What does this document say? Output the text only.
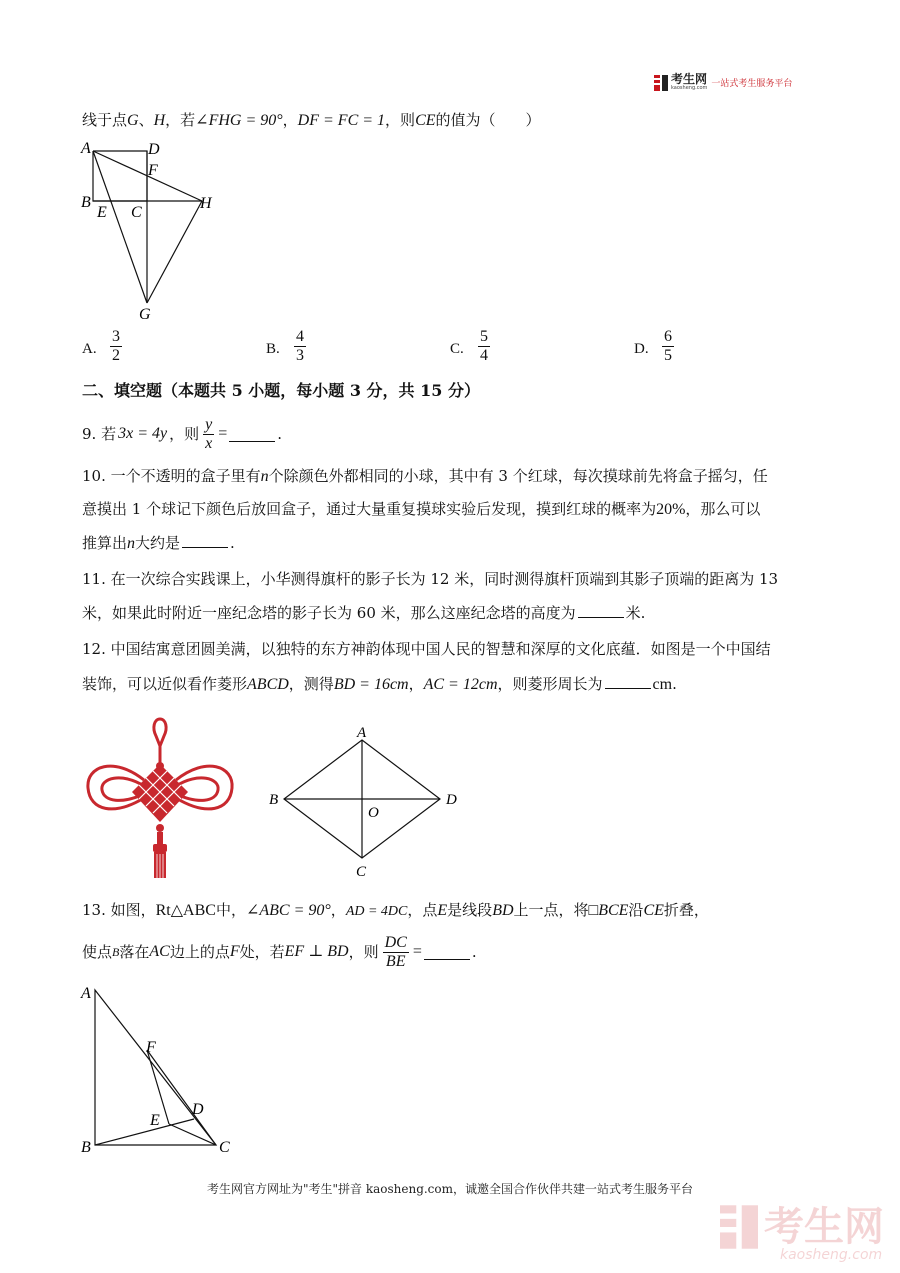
考生网
kaosheng.com 一站式考生服务平台
线于点G、H，若∠FHG = 90°，DF = FC = 1，则CE的值为（　　）
A	D
F
B
E C
H
G
A. $\frac{3}{2}$	B. $\frac{4}{3}$	C. $\frac{5}{4}$	D. $\frac{6}{5}$
二、填空题（本题共 5 小题，每小题 3 分，共 15 分）
9. 若 3x = 4y ，则 $\frac{y}{x}$ =	.
10. 一个不透明的盒子里有n个除颜色外都相同的小球，其中有 3 个红球，每次摸球前先将盒子摇匀，任
意摸出 1 个球记下颜色后放回盒子，通过大量重复摸球实验后发现，摸到红球的概率为20%，那么可以
推算出n大约是	.
11. 在一次综合实践课上，小华测得旗杆的影子长为 12 米，同时测得旗杆顶端到其影子顶端的距离为 13
米，如果此时附近一座纪念塔的影子长为 60 米，那么这座纪念塔的高度为	米.
12. 中国结寓意团圆美满，以独特的东方神韵体现中国人民的智慧和深厚的文化底蕴．如图是一个中国结
装饰，可以近似看作菱形ABCD，测得BD = 16cm，AC = 12cm，则菱形周长为	cm.
A
B	D
O
C
13. 如图，Rt△ABC中，∠ABC = 90°，AD = 4DC，点E是线段BD上一点，将□BCE沿CE折叠，
使点 B 落在 AC 边上的点 F 处，若 EF ⊥ BD ，则 $\frac{DC}{BE}$ =	.
A
F
D
E
B	C
考生网官方网址为"考生"拼音 kaosheng.com，诚邀全国合作伙伴共建一站式考生服务平台
考生网
kaosheng.com
